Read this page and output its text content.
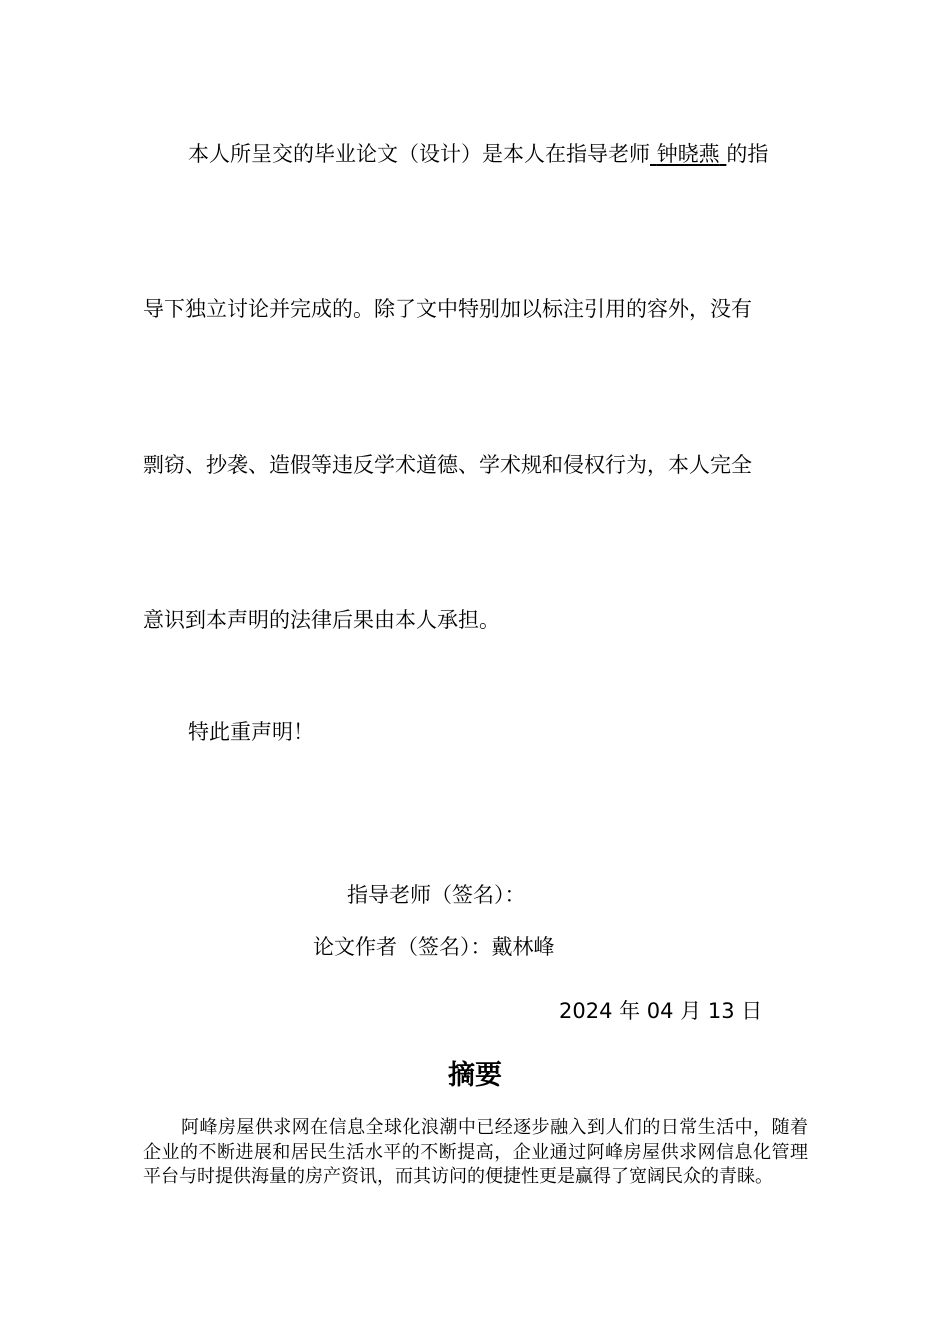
本人所呈交的毕业论文（设计）是本人在指导老师 钟晓燕 的指
导下独立讨论并完成的。除了文中特别加以标注引用的容外，没有
剽窃、抄袭、造假等违反学术道德、学术规和侵权行为，本人完全
意识到本声明的法律后果由本人承担。
特此重声明！
指导老师（签名）：
论文作者（签名）：戴林峰
2024 年 04 月 13 日
摘要
阿峰房屋供求网在信息全球化浪潮中已经逐步融入到人们的日常生活中，随着企业的不断进展和居民生活水平的不断提高，企业通过阿峰房屋供求网信息化管理平台与时提供海量的房产资讯，而其访问的便捷性更是赢得了宽阔民众的青睐。
